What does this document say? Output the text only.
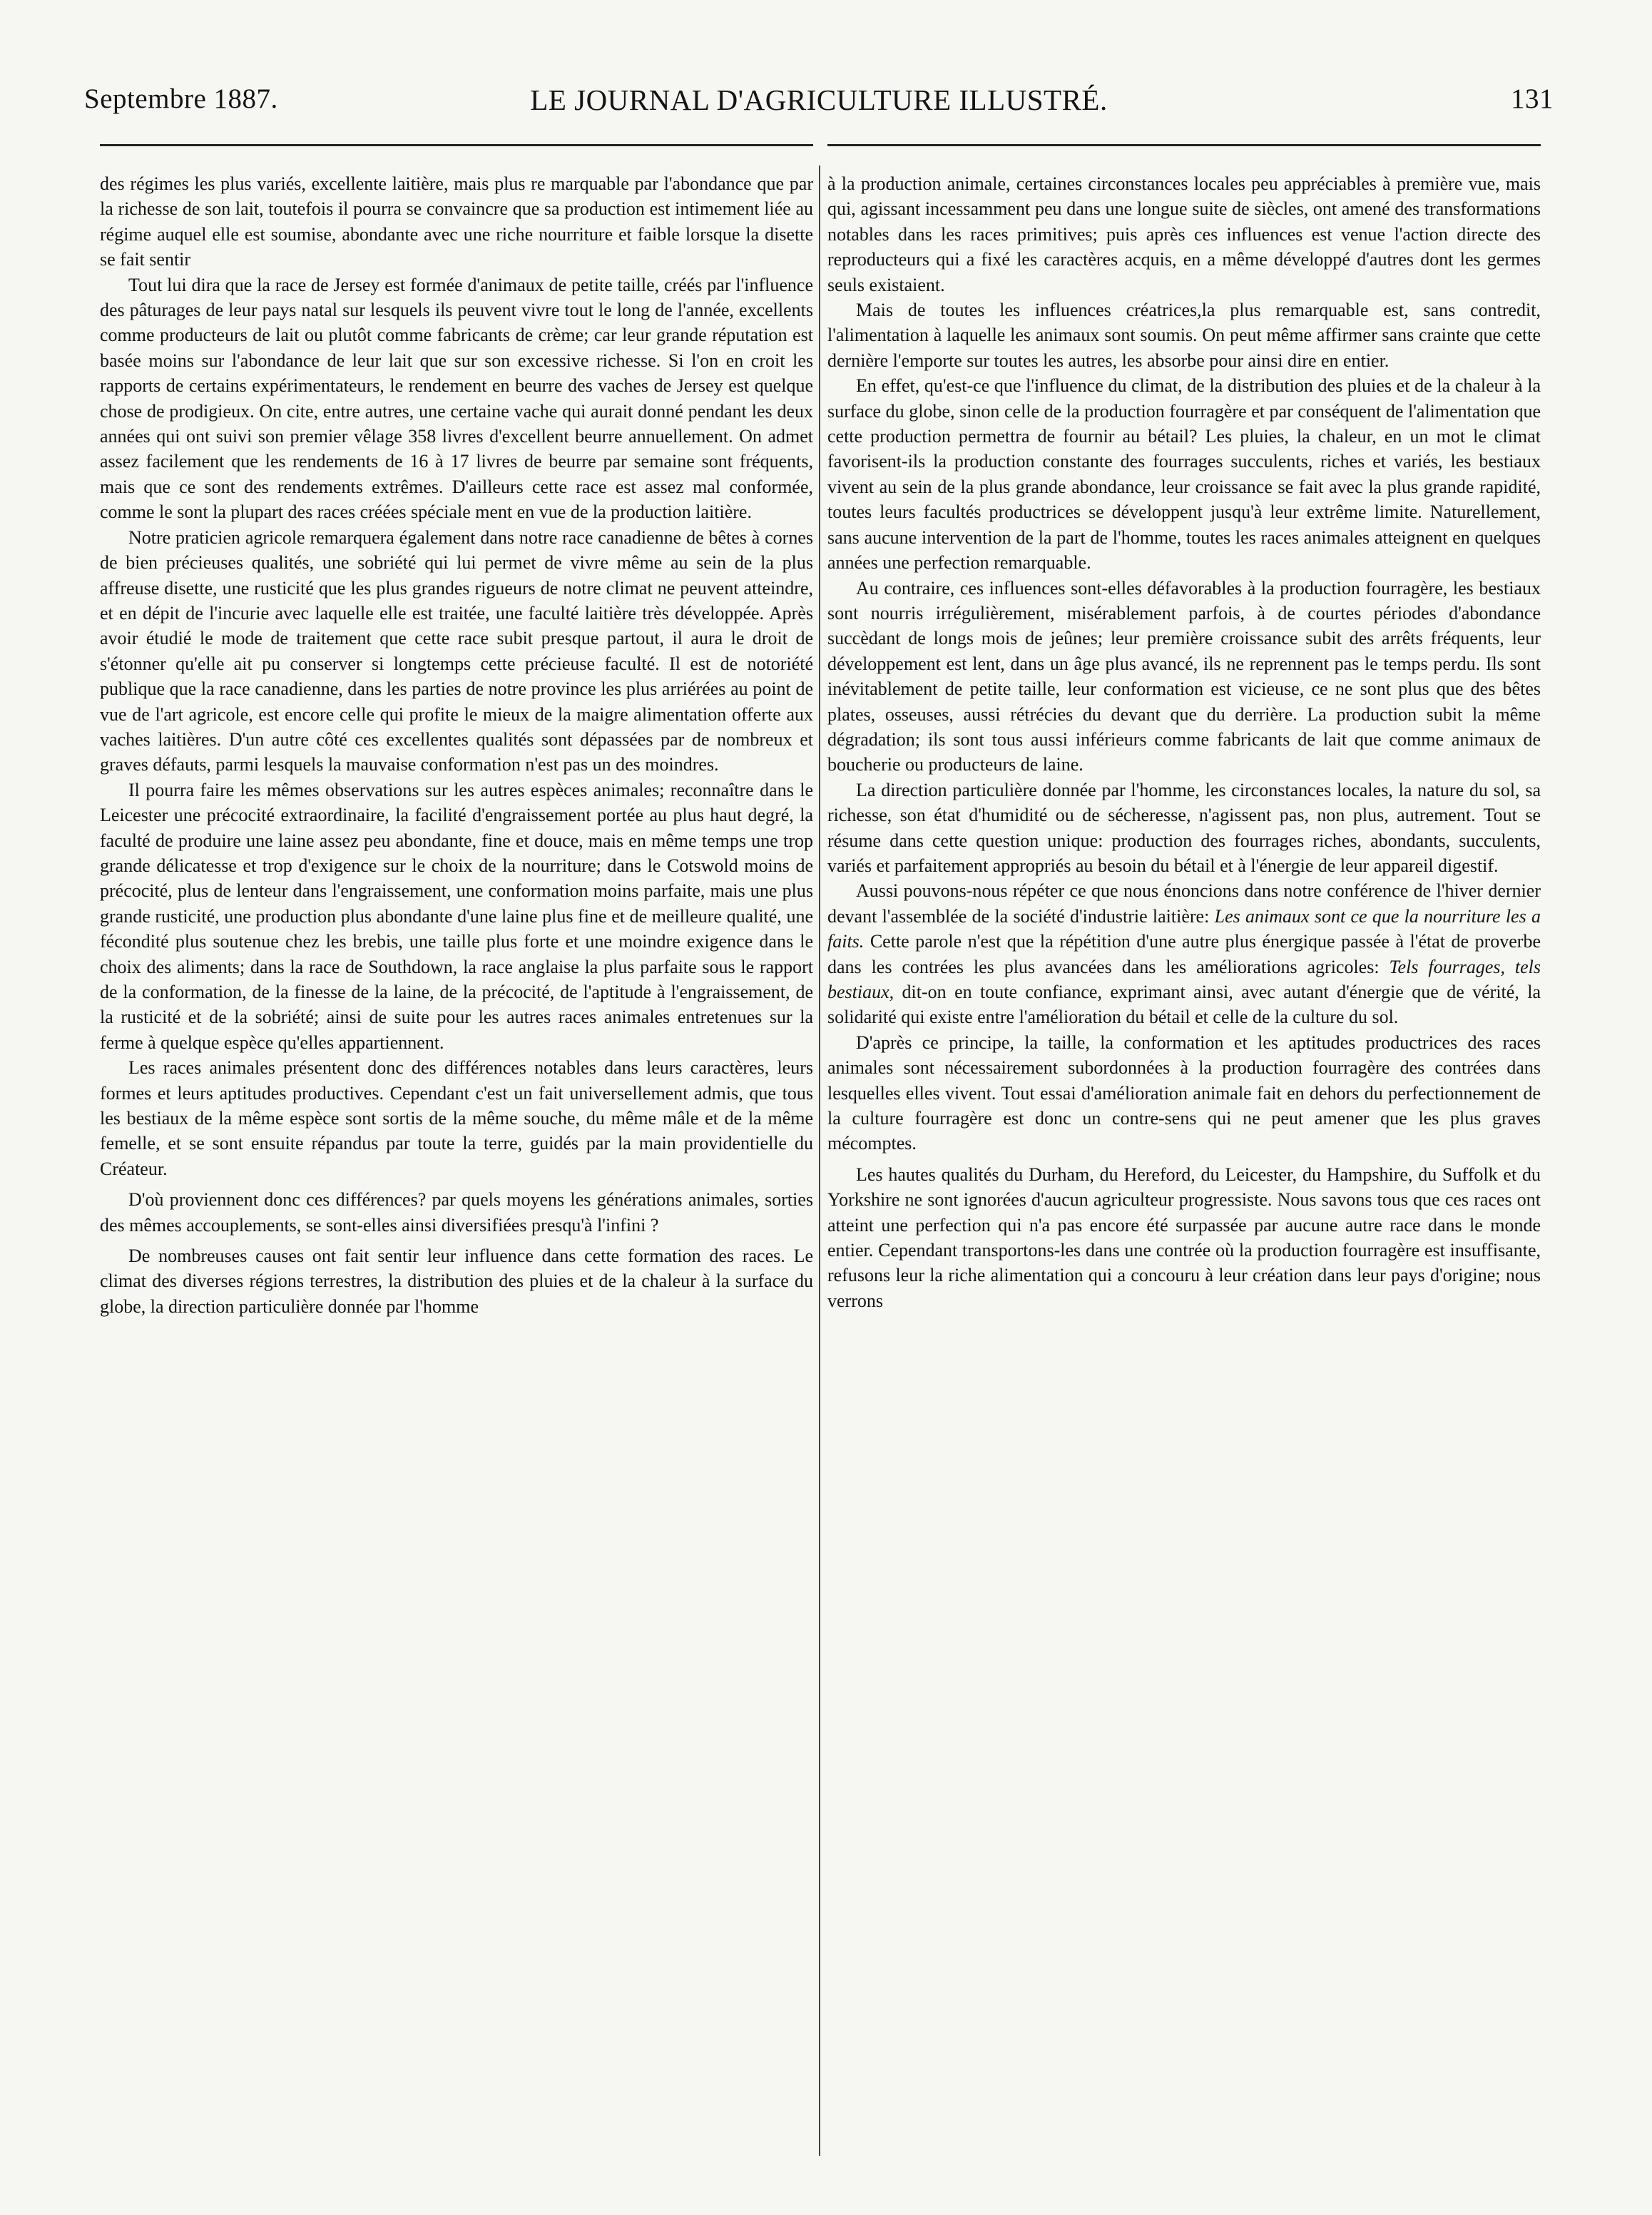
Septembre 1887.	LE JOURNAL D'AGRICULTURE ILLUSTRÉ.	131

des régimes les plus variés, excellente laitière, mais plus re marquable par l'abondance que par la richesse de son lait, toutefois il pourra se convaincre que sa production est intimement liée au régime auquel elle est soumise, abondante avec une riche nourriture et faible lorsque la disette se fait sentir

Tout lui dira que la race de Jersey est formée d'animaux de petite taille, créés par l'influence des pâturages de leur pays natal sur lesquels ils peuvent vivre tout le long de l'année, excellents comme producteurs de lait ou plutôt comme fabricants de crème; car leur grande réputation est basée moins sur l'abondance de leur lait que sur son excessive richesse. Si l'on en croit les rapports de certains expérimentateurs, le rendement en beurre des vaches de Jersey est quelque chose de prodigieux. On cite, entre autres, une certaine vache qui aurait donné pendant les deux années qui ont suivi son premier vêlage 358 livres d'excellent beurre annuellement. On admet assez facilement que les rendements de 16 à 17 livres de beurre par semaine sont fréquents, mais que ce sont des rendements extrêmes. D'ailleurs cette race est assez mal conformée, comme le sont la plupart des races créées spéciale ment en vue de la production laitière.

Notre praticien agricole remarquera également dans notre race canadienne de bêtes à cornes de bien précieuses qualités, une sobriété qui lui permet de vivre même au sein de la plus affreuse disette, une rusticité que les plus grandes rigueurs de notre climat ne peuvent atteindre, et en dépit de l'incurie avec laquelle elle est traitée, une faculté laitière très développée. Après avoir étudié le mode de traitement que cette race subit presque partout, il aura le droit de s'étonner qu'elle ait pu conserver si longtemps cette précieuse faculté. Il est de notoriété publique que la race canadienne, dans les parties de notre province les plus arriérées au point de vue de l'art agricole, est encore celle qui profite le mieux de la maigre alimentation offerte aux vaches laitières. D'un autre côté ces excellentes qualités sont dépassées par de nombreux et graves défauts, parmi lesquels la mauvaise conformation n'est pas un des moindres.

Il pourra faire les mêmes observations sur les autres espèces animales; reconnaître dans le Leicester une précocité extraordinaire, la facilité d'engraissement portée au plus haut degré, la faculté de produire une laine assez peu abondante, fine et douce, mais en même temps une trop grande délicatesse et trop d'exigence sur le choix de la nourriture; dans le Cotswold moins de précocité, plus de lenteur dans l'engraissement, une conformation moins parfaite, mais une plus grande rusticité, une production plus abondante d'une laine plus fine et de meilleure qualité, une fécondité plus soutenue chez les brebis, une taille plus forte et une moindre exigence dans le choix des aliments; dans la race de Southdown, la race anglaise la plus parfaite sous le rapport de la conformation, de la finesse de la laine, de la précocité, de l'aptitude à l'engraissement, de la rusticité et de la sobriété; ainsi de suite pour les autres races animales entretenues sur la ferme à quelque espèce qu'elles appartiennent.

Les races animales présentent donc des différences notables dans leurs caractères, leurs formes et leurs aptitudes productives. Cependant c'est un fait universellement admis, que tous les bestiaux de la même espèce sont sortis de la même souche, du même mâle et de la même femelle, et se sont ensuite répandus par toute la terre, guidés par la main providentielle du Créateur.

D'où proviennent donc ces différences? par quels moyens les générations animales, sorties des mêmes accouplements, se sont-elles ainsi diversifiées presqu'à l'infini ?

De nombreuses causes ont fait sentir leur influence dans cette formation des races. Le climat des diverses régions terrestres, la distribution des pluies et de la chaleur à la surface du globe, la direction particulière donnée par l'homme

à la production animale, certaines circonstances locales peu appréciables à première vue, mais qui, agissant incessamment peu dans une longue suite de siècles, ont amené des transformations notables dans les races primitives; puis après ces influences est venue l'action directe des reproducteurs qui a fixé les caractères acquis, en a même développé d'autres dont les germes seuls existaient.

Mais de toutes les influences créatrices,la plus remarquable est, sans contredit, l'alimentation à laquelle les animaux sont soumis. On peut même affirmer sans crainte que cette dernière l'emporte sur toutes les autres, les absorbe pour ainsi dire en entier.

En effet, qu'est-ce que l'influence du climat, de la distribution des pluies et de la chaleur à la surface du globe, sinon celle de la production fourragère et par conséquent de l'alimentation que cette production permettra de fournir au bétail? Les pluies, la chaleur, en un mot le climat favorisent-ils la production constante des fourrages succulents, riches et variés, les bestiaux vivent au sein de la plus grande abondance, leur croissance se fait avec la plus grande rapidité, toutes leurs facultés productrices se développent jusqu'à leur extrême limite. Naturellement, sans aucune intervention de la part de l'homme, toutes les races animales atteignent en quelques années une perfection remarquable.

Au contraire, ces influences sont-elles défavorables à la production fourragère, les bestiaux sont nourris irrégulièrement, misérablement parfois, à de courtes périodes d'abondance succèdant de longs mois de jeûnes; leur première croissance subit des arrêts fréquents, leur développement est lent, dans un âge plus avancé, ils ne reprennent pas le temps perdu. Ils sont inévitablement de petite taille, leur conformation est vicieuse, ce ne sont plus que des bêtes plates, osseuses, aussi rétrécies du devant que du derrière. La production subit la même dégradation; ils sont tous aussi inférieurs comme fabricants de lait que comme animaux de boucherie ou producteurs de laine.

La direction particulière donnée par l'homme, les circonstances locales, la nature du sol, sa richesse, son état d'humidité ou de sécheresse, n'agissent pas, non plus, autrement. Tout se résume dans cette question unique: production des fourrages riches, abondants, succulents, variés et parfaitement appropriés au besoin du bétail et à l'énergie de leur appareil digestif.

Aussi pouvons-nous répéter ce que nous énoncions dans notre conférence de l'hiver dernier devant l'assemblée de la société d'industrie laitière: Les animaux sont ce que la nourriture les a faits. Cette parole n'est que la répétition d'une autre plus énergique passée à l'état de proverbe dans les contrées les plus avancées dans les améliorations agricoles: Tels fourrages, tels bestiaux, dit-on en toute confiance, exprimant ainsi, avec autant d'énergie que de vérité, la solidarité qui existe entre l'amélioration du bétail et celle de la culture du sol.

D'après ce principe, la taille, la conformation et les aptitudes productrices des races animales sont nécessairement subordonnées à la production fourragère des contrées dans lesquelles elles vivent. Tout essai d'amélioration animale fait en dehors du perfectionnement de la culture fourragère est donc un contre-sens qui ne peut amener que les plus graves mécomptes.

Les hautes qualités du Durham, du Hereford, du Leicester, du Hampshire, du Suffolk et du Yorkshire ne sont ignorées d'aucun agriculteur progressiste. Nous savons tous que ces races ont atteint une perfection qui n'a pas encore été surpassée par aucune autre race dans le monde entier. Cependant transportons-les dans une contrée où la production fourragère est insuffisante, refusons leur la riche alimentation qui a concouru à leur création dans leur pays d'origine; nous verrons
